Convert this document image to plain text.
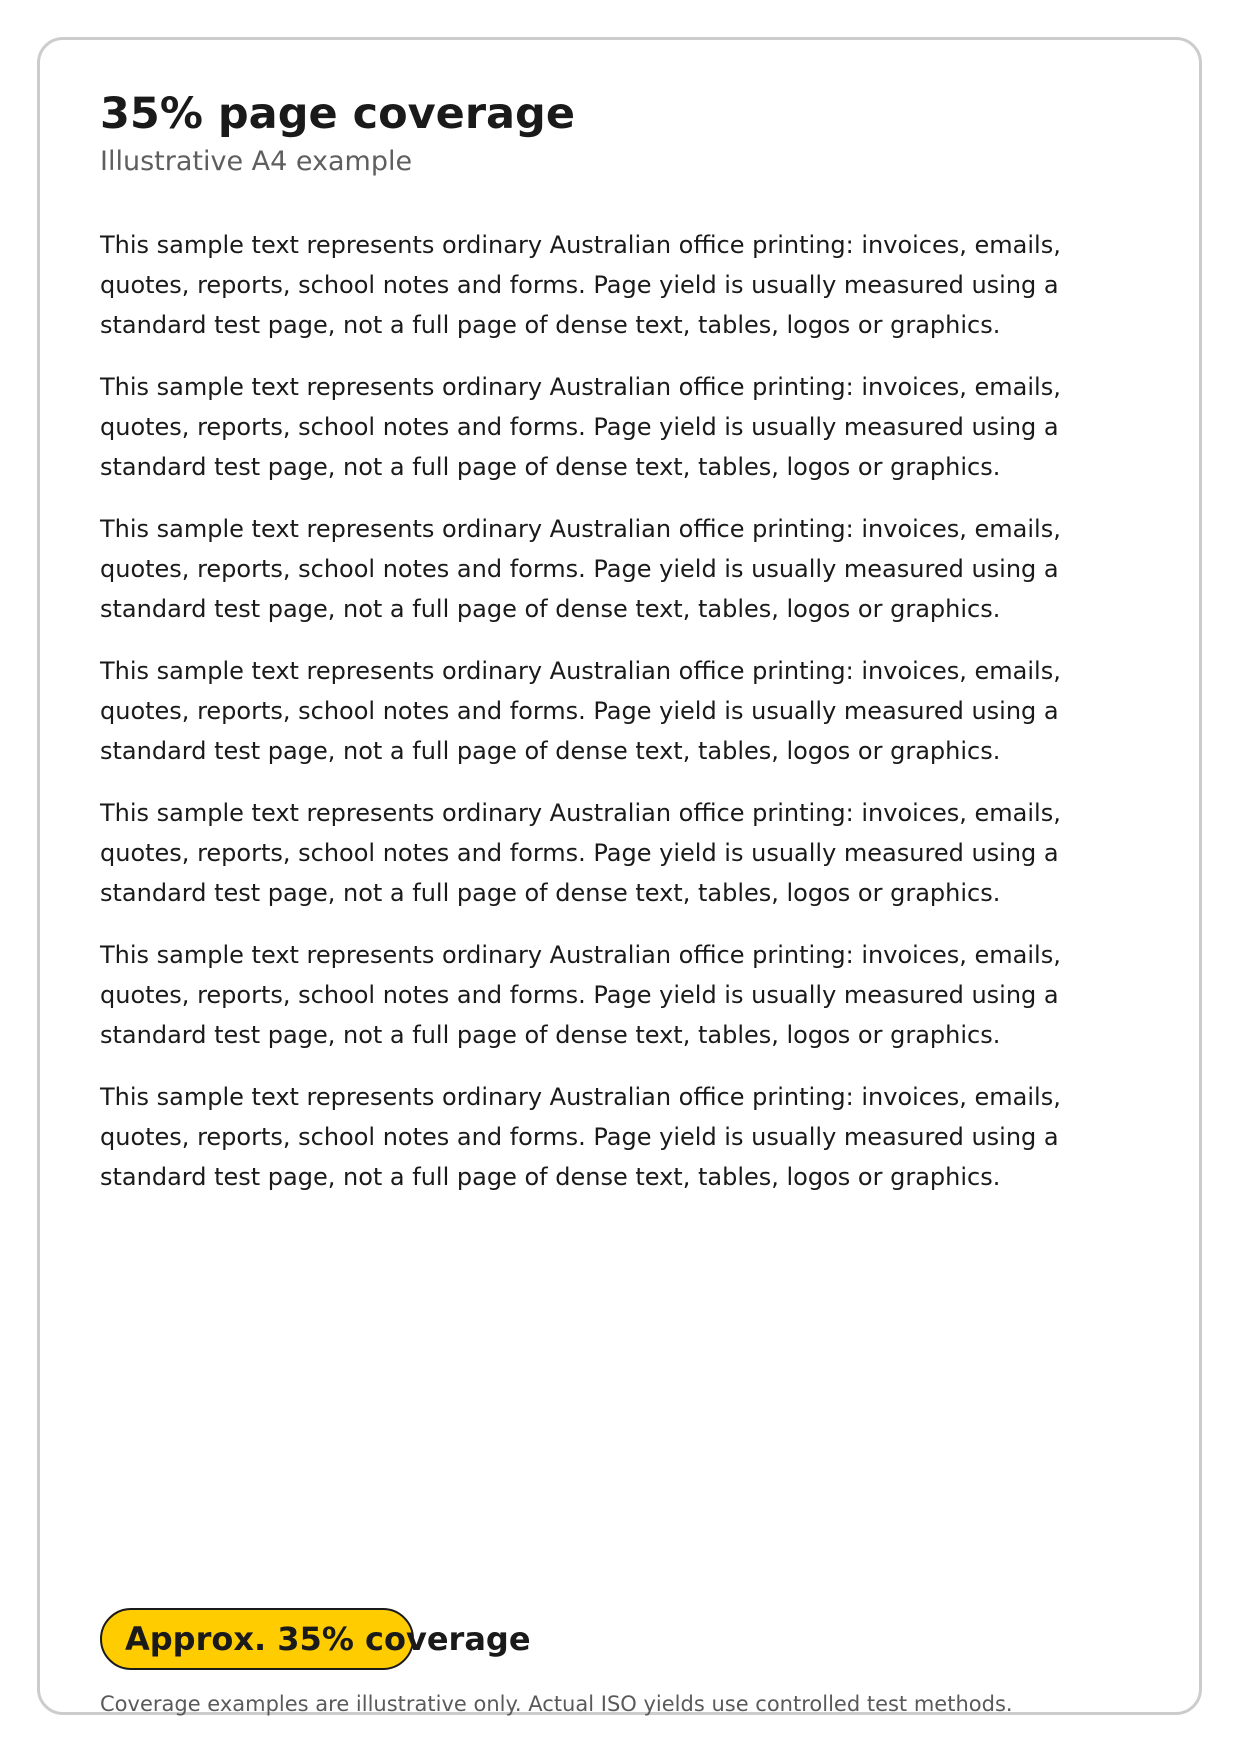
35% page coverage
Illustrative A4 example

This sample text represents ordinary Australian office printing: invoices, emails,
quotes, reports, school notes and forms. Page yield is usually measured using a
standard test page, not a full page of dense text, tables, logos or graphics.

This sample text represents ordinary Australian office printing: invoices, emails,
quotes, reports, school notes and forms. Page yield is usually measured using a
standard test page, not a full page of dense text, tables, logos or graphics.

This sample text represents ordinary Australian office printing: invoices, emails,
quotes, reports, school notes and forms. Page yield is usually measured using a
standard test page, not a full page of dense text, tables, logos or graphics.

This sample text represents ordinary Australian office printing: invoices, emails,
quotes, reports, school notes and forms. Page yield is usually measured using a
standard test page, not a full page of dense text, tables, logos or graphics.

This sample text represents ordinary Australian office printing: invoices, emails,
quotes, reports, school notes and forms. Page yield is usually measured using a
standard test page, not a full page of dense text, tables, logos or graphics.

This sample text represents ordinary Australian office printing: invoices, emails,
quotes, reports, school notes and forms. Page yield is usually measured using a
standard test page, not a full page of dense text, tables, logos or graphics.

This sample text represents ordinary Australian office printing: invoices, emails,
quotes, reports, school notes and forms. Page yield is usually measured using a
standard test page, not a full page of dense text, tables, logos or graphics.

Approx. 35% coverage
Coverage examples are illustrative only. Actual ISO yields use controlled test methods.
